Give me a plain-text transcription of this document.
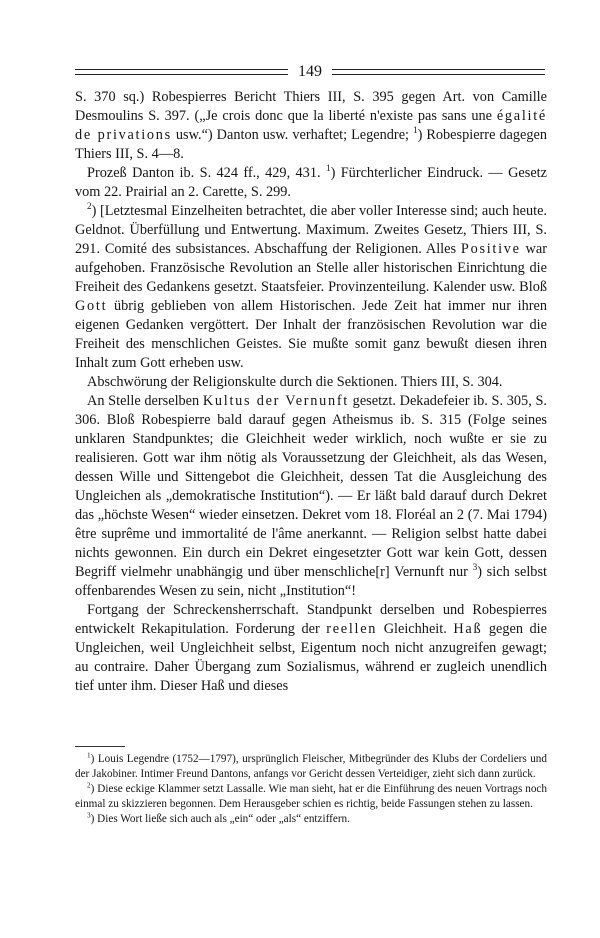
149

S. 370 sq.) Robespierres Bericht Thiers III, S. 395 gegen Art. von Camille Desmoulins S. 397. („Je crois donc que la liberté n'existe pas sans une égalité de privations usw.“) Danton usw. verhaftet; Legendre; $^1$) Robespierre dagegen Thiers III, S. 4—8.

Prozeß Danton ib. S. 424 ff., 429, 431. $^1$) Fürchterlicher Eindruck. — Gesetz vom 22. Prairial an 2. Carette, S. 299.

$^2$) [Letztesmal Einzelheiten betrachtet, die aber voller Interesse sind; auch heute. Geldnot. Überfüllung und Entwertung. Maximum. Zweites Gesetz, Thiers III, S. 291. Comité des subsistances. Abschaffung der Religionen. Alles Positive war aufgehoben. Französische Revolution an Stelle aller historischen Einrichtung die Freiheit des Gedankens gesetzt. Staatsfeier. Provinzenteilung. Kalender usw. Bloß Gott übrig geblieben von allem Historischen. Jede Zeit hat immer nur ihren eigenen Gedanken vergöttert. Der Inhalt der französischen Revolution war die Freiheit des menschlichen Geistes. Sie mußte somit ganz bewußt diesen ihren Inhalt zum Gott erheben usw.

Abschwörung der Religionskulte durch die Sektionen. Thiers III, S. 304.

An Stelle derselben Kultus der Vernunft gesetzt. Dekadefeier ib. S. 305, S. 306. Bloß Robespierre bald darauf gegen Atheismus ib. S. 315 (Folge seines unklaren Standpunktes; die Gleichheit weder wirklich, noch wußte er sie zu realisieren. Gott war ihm nötig als Voraussetzung der Gleichheit, als das Wesen, dessen Wille und Sittengebot die Gleichheit, dessen Tat die Ausgleichung des Ungleichen als „demokratische Institution“). — Er läßt bald darauf durch Dekret das „höchste Wesen“ wieder einsetzen. Dekret vom 18. Floréal an 2 (7. Mai 1794) être suprême und immortalité de l'âme anerkannt. — Religion selbst hatte dabei nichts gewonnen. Ein durch ein Dekret eingesetzter Gott war kein Gott, dessen Begriff vielmehr unabhängig und über menschliche[r] Vernunft nur $^3$) sich selbst offenbarendes Wesen zu sein, nicht „Institution“!

Fortgang der Schreckensherrschaft. Standpunkt derselben und Robespierres entwickelt Rekapitulation. Forderung der reellen Gleichheit. Haß gegen die Ungleichen, weil Ungleichheit selbst, Eigentum noch nicht anzugreifen gewagt; au contraire. Daher Übergang zum Sozialismus, während er zugleich unendlich tief unter ihm. Dieser Haß und dieses

$^1$) Louis Legendre (1752—1797), ursprünglich Fleischer, Mitbegründer des Klubs der Cordeliers und der Jakobiner. Intimer Freund Dantons, anfangs vor Gericht dessen Verteidiger, zieht sich dann zurück.

$^2$) Diese eckige Klammer setzt Lassalle. Wie man sieht, hat er die Einführung des neuen Vortrags noch einmal zu skizzieren begonnen. Dem Herausgeber schien es richtig, beide Fassungen stehen zu lassen.

$^3$) Dies Wort ließe sich auch als „ein“ oder „als“ entziffern.
